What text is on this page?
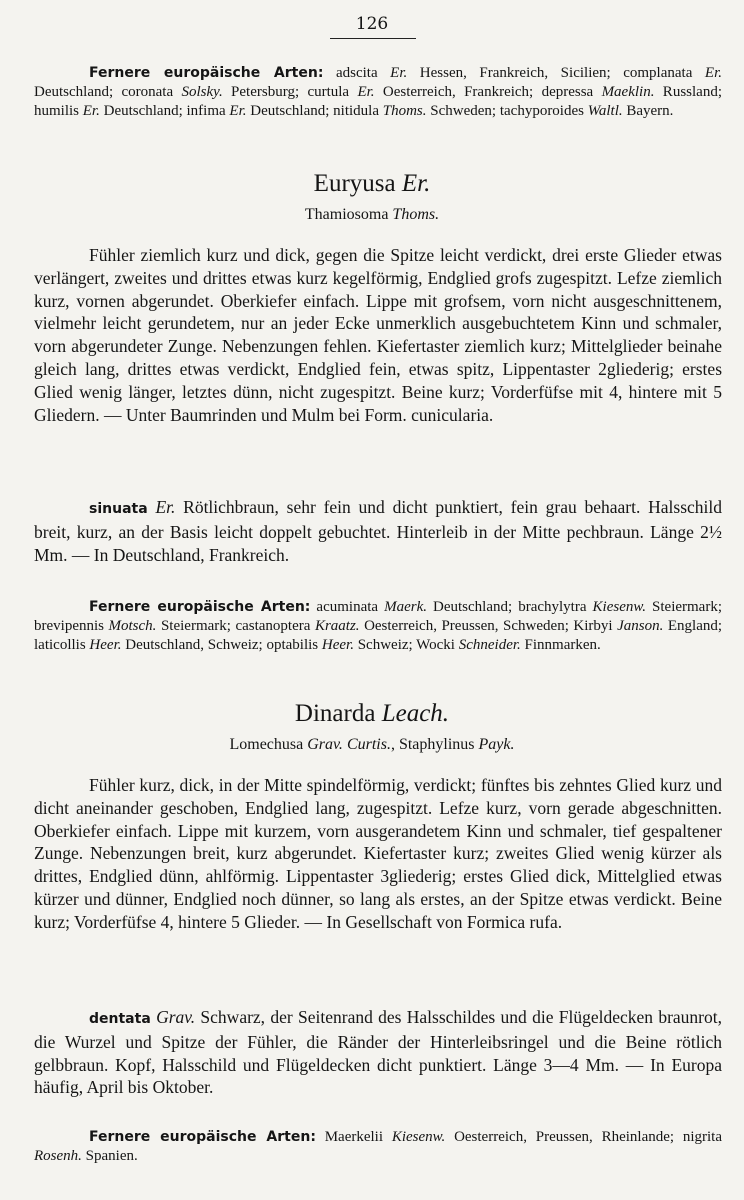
126
Fernere europäische Arten: adscita Er. Hessen, Frankreich, Sicilien; complanata Er. Deutschland; coronata Solsky. Petersburg; curtula Er. Oesterreich, Frankreich; depressa Maeklin. Russland; humilis Er. Deutschland; infima Er. Deutschland; nitidula Thoms. Schweden; tachyporoides Waltl. Bayern.
Euryusa Er.
Thamiosoma Thoms.
Fühler ziemlich kurz und dick, gegen die Spitze leicht verdickt, drei erste Glieder etwas verlängert, zweites und drittes etwas kurz kegelförmig, Endglied grofs zugespitzt. Lefze ziemlich kurz, vornen abgerundet. Oberkiefer einfach. Lippe mit grofsem, vorn nicht ausgeschnittenem, vielmehr leicht gerundetem, nur an jeder Ecke unmerklich ausgebuchtetem Kinn und schmaler, vorn abgerundeter Zunge. Nebenzungen fehlen. Kiefertaster ziemlich kurz; Mittelglieder beinahe gleich lang, drittes etwas verdickt, Endglied fein, etwas spitz, Lippentaster 2gliederig; erstes Glied wenig länger, letztes dünn, nicht zugespitzt. Beine kurz; Vorderfüfse mit 4, hintere mit 5 Gliedern. — Unter Baumrinden und Mulm bei Form. cunicularia.
sinuata Er. Rötlichbraun, sehr fein und dicht punktiert, fein grau behaart. Halsschild breit, kurz, an der Basis leicht doppelt gebuchtet. Hinterleib in der Mitte pechbraun. Länge 2½ Mm. — In Deutschland, Frankreich.
Fernere europäische Arten: acuminata Maerk. Deutschland; brachylytra Kiesenw. Steiermark; brevipennis Motsch. Steiermark; castanoptera Kraatz. Oesterreich, Preussen, Schweden; Kirbyi Janson. England; laticollis Heer. Deutschland, Schweiz; optabilis Heer. Schweiz; Wocki Schneider. Finnmarken.
Dinarda Leach.
Lomechusa Grav. Curtis., Staphylinus Payk.
Fühler kurz, dick, in der Mitte spindelförmig, verdickt; fünftes bis zehntes Glied kurz und dicht aneinander geschoben, Endglied lang, zugespitzt. Lefze kurz, vorn gerade abgeschnitten. Oberkiefer einfach. Lippe mit kurzem, vorn ausgerandetem Kinn und schmaler, tief gespaltener Zunge. Nebenzungen breit, kurz abgerundet. Kiefertaster kurz; zweites Glied wenig kürzer als drittes, Endglied dünn, ahlförmig. Lippentaster 3gliederig; erstes Glied dick, Mittelglied etwas kürzer und dünner, Endglied noch dünner, so lang als erstes, an der Spitze etwas verdickt. Beine kurz; Vorderfüfse 4, hintere 5 Glieder. — In Gesellschaft von Formica rufa.
dentata Grav. Schwarz, der Seitenrand des Halsschildes und die Flügeldecken braunrot, die Wurzel und Spitze der Fühler, die Ränder der Hinterleibsringel und die Beine rötlich gelbbraun. Kopf, Halsschild und Flügeldecken dicht punktiert. Länge 3—4 Mm. — In Europa häufig, April bis Oktober.
Fernere europäische Arten: Maerkelii Kiesenw. Oesterreich, Preussen, Rheinlande; nigrita Rosenh. Spanien.
